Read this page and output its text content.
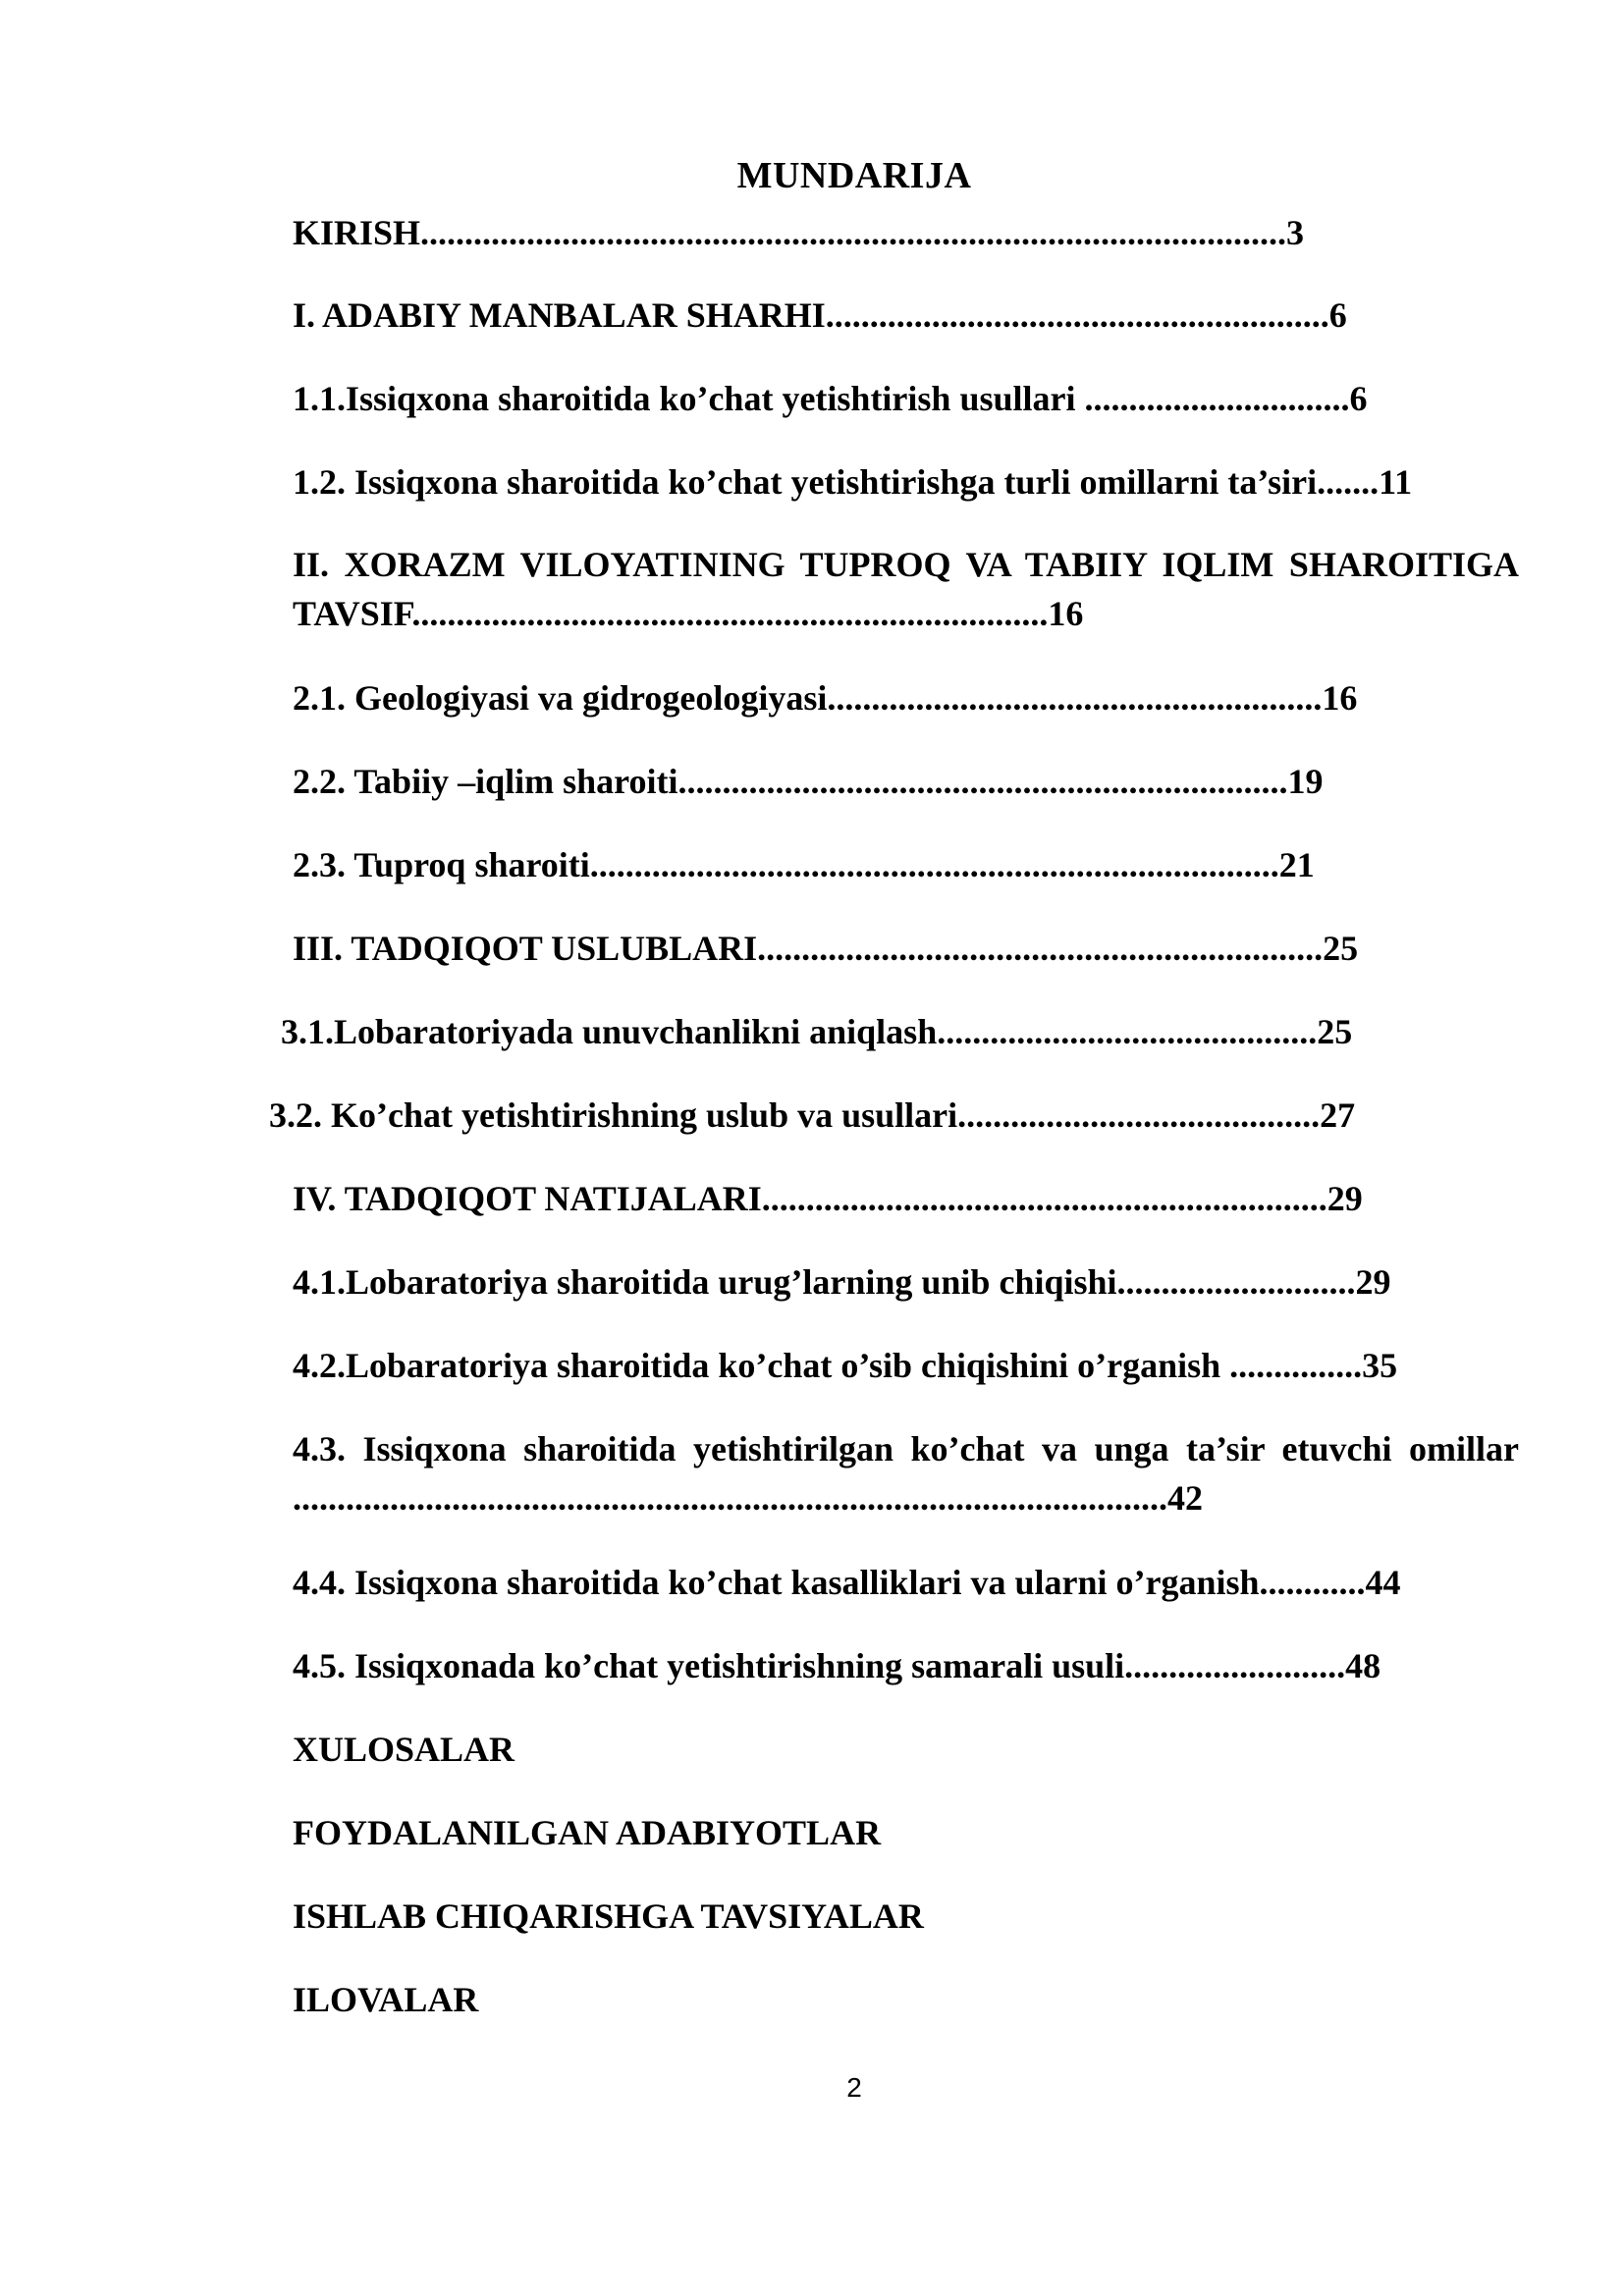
MUNDARIJA
KIRISH..................................................................................................3
I. ADABIY MANBALAR SHARHI.........................................................6
1.1.Issiqxona sharoitida ko’chat yetishtirish usullari ..............................6
1.2. Issiqxona sharoitida ko’chat yetishtirishga turli omillarni ta’siri.......11
II. XORAZM VILOYATINING TUPROQ VA TABIIY IQLIM SHAROITIGA TAVSIF........................................................................16
2.1. Geologiyasi va gidrogeologiyasi........................................................16
2.2. Tabiiy –iqlim sharoiti.....................................................................19
2.3. Tuproq sharoiti..............................................................................21
III. TADQIQOT USLUBLARI................................................................25
3.1.Lobaratoriyada unuvchanlikni aniqlash...........................................25
3.2. Ko’chat yetishtirishning uslub va usullari.........................................27
IV. TADQIQOT NATIJALARI................................................................29
4.1.Lobaratoriya sharoitida urug’larning unib chiqishi...........................29
4.2.Lobaratoriya sharoitida ko’chat o’sib chiqishini o’rganish ...............35
4.3. Issiqxona sharoitida yetishtirilgan ko’chat va unga ta’sir etuvchi omillar ...................................................................................................42
4.4. Issiqxona sharoitida ko’chat kasalliklari va ularni o’rganish............44
4.5. Issiqxonada ko’chat yetishtirishning samarali usuli.........................48
XULOSALAR
FOYDALANILGAN ADABIYOTLAR
ISHLAB CHIQARISHGA TAVSIYALAR
ILOVALAR
2
